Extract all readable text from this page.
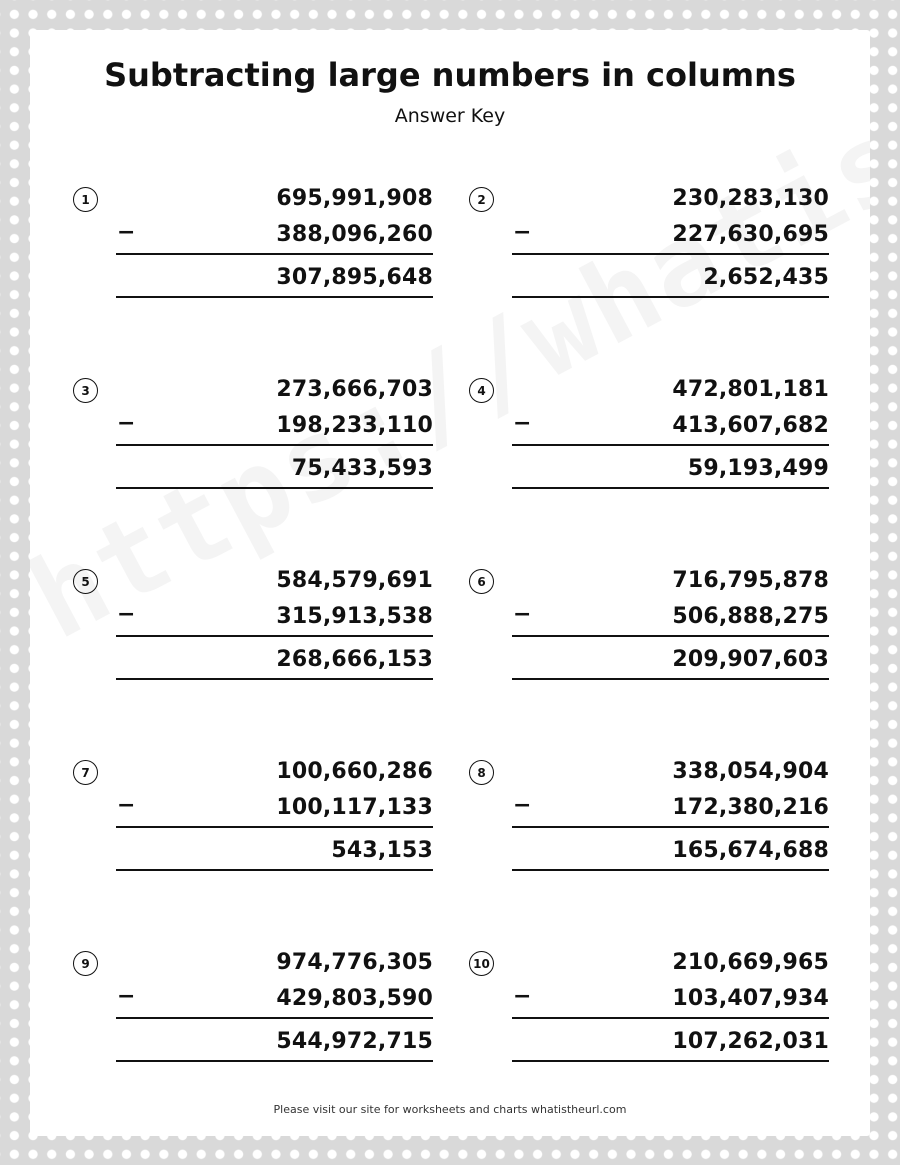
Subtracting large numbers in columns
Answer Key
1	695,991,908
−	388,096,260
307,895,648
2	230,283,130
−	227,630,695
2,652,435
3	273,666,703
−	198,233,110
75,433,593
4	472,801,181
−	413,607,682
59,193,499
5	584,579,691
−	315,913,538
268,666,153
6	716,795,878
−	506,888,275
209,907,603
7	100,660,286
−	100,117,133
543,153
8	338,054,904
−	172,380,216
165,674,688
9	974,776,305
−	429,803,590
544,972,715
10	210,669,965
−	103,407,934
107,262,031
Please visit our site for worksheets and charts whatistheurl.com
